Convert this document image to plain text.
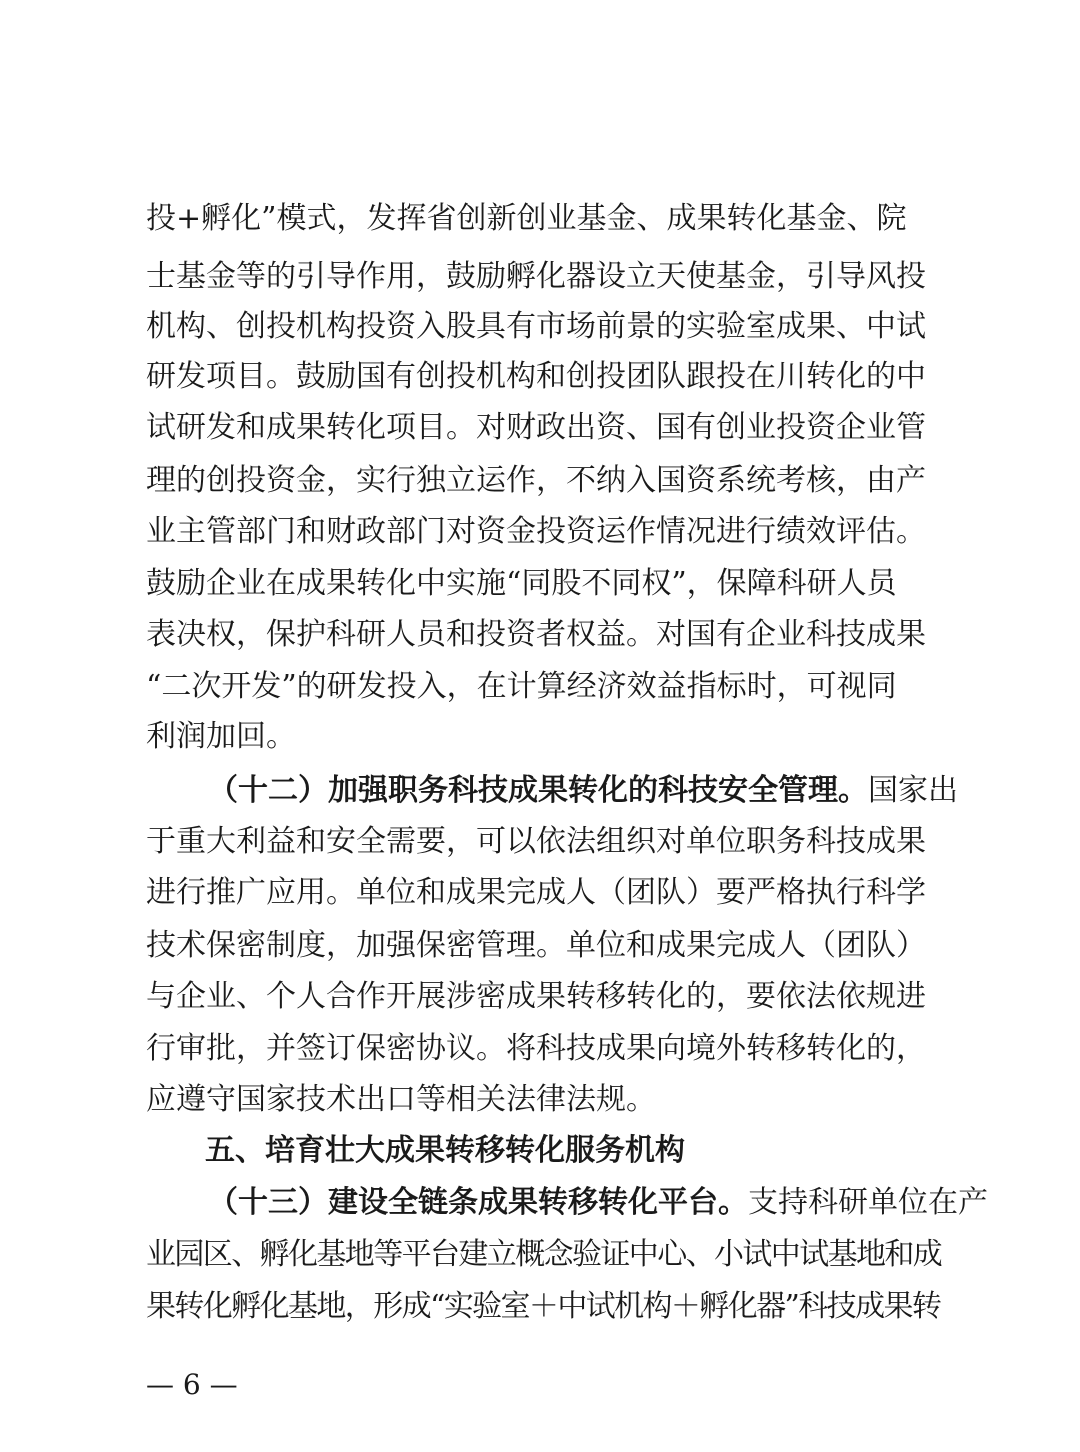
投+孵化”模式，发挥省创新创业基金、成果转化基金、院
士基金等的引导作用，鼓励孵化器设立天使基金，引导风投
机构、创投机构投资入股具有市场前景的实验室成果、中试
研发项目。鼓励国有创投机构和创投团队跟投在川转化的中
试研发和成果转化项目。对财政出资、国有创业投资企业管
理的创投资金，实行独立运作，不纳入国资系统考核，由产
业主管部门和财政部门对资金投资运作情况进行绩效评估。
鼓励企业在成果转化中实施“同股不同权”，保障科研人员
表决权，保护科研人员和投资者权益。对国有企业科技成果
“二次开发”的研发投入，在计算经济效益指标时，可视同
利润加回。
（十二）加强职务科技成果转化的科技安全管理。国家出
于重大利益和安全需要，可以依法组织对单位职务科技成果
进行推广应用。单位和成果完成人（团队）要严格执行科学
技术保密制度，加强保密管理。单位和成果完成人（团队）
与企业、个人合作开展涉密成果转移转化的，要依法依规进
行审批，并签订保密协议。将科技成果向境外转移转化的，
应遵守国家技术出口等相关法律法规。
五、培育壮大成果转移转化服务机构
（十三）建设全链条成果转移转化平台。支持科研单位在产
业园区、孵化基地等平台建立概念验证中心、小试中试基地和成
果转化孵化基地，形成“实验室＋中试机构＋孵化器”科技成果转
— 6 —
